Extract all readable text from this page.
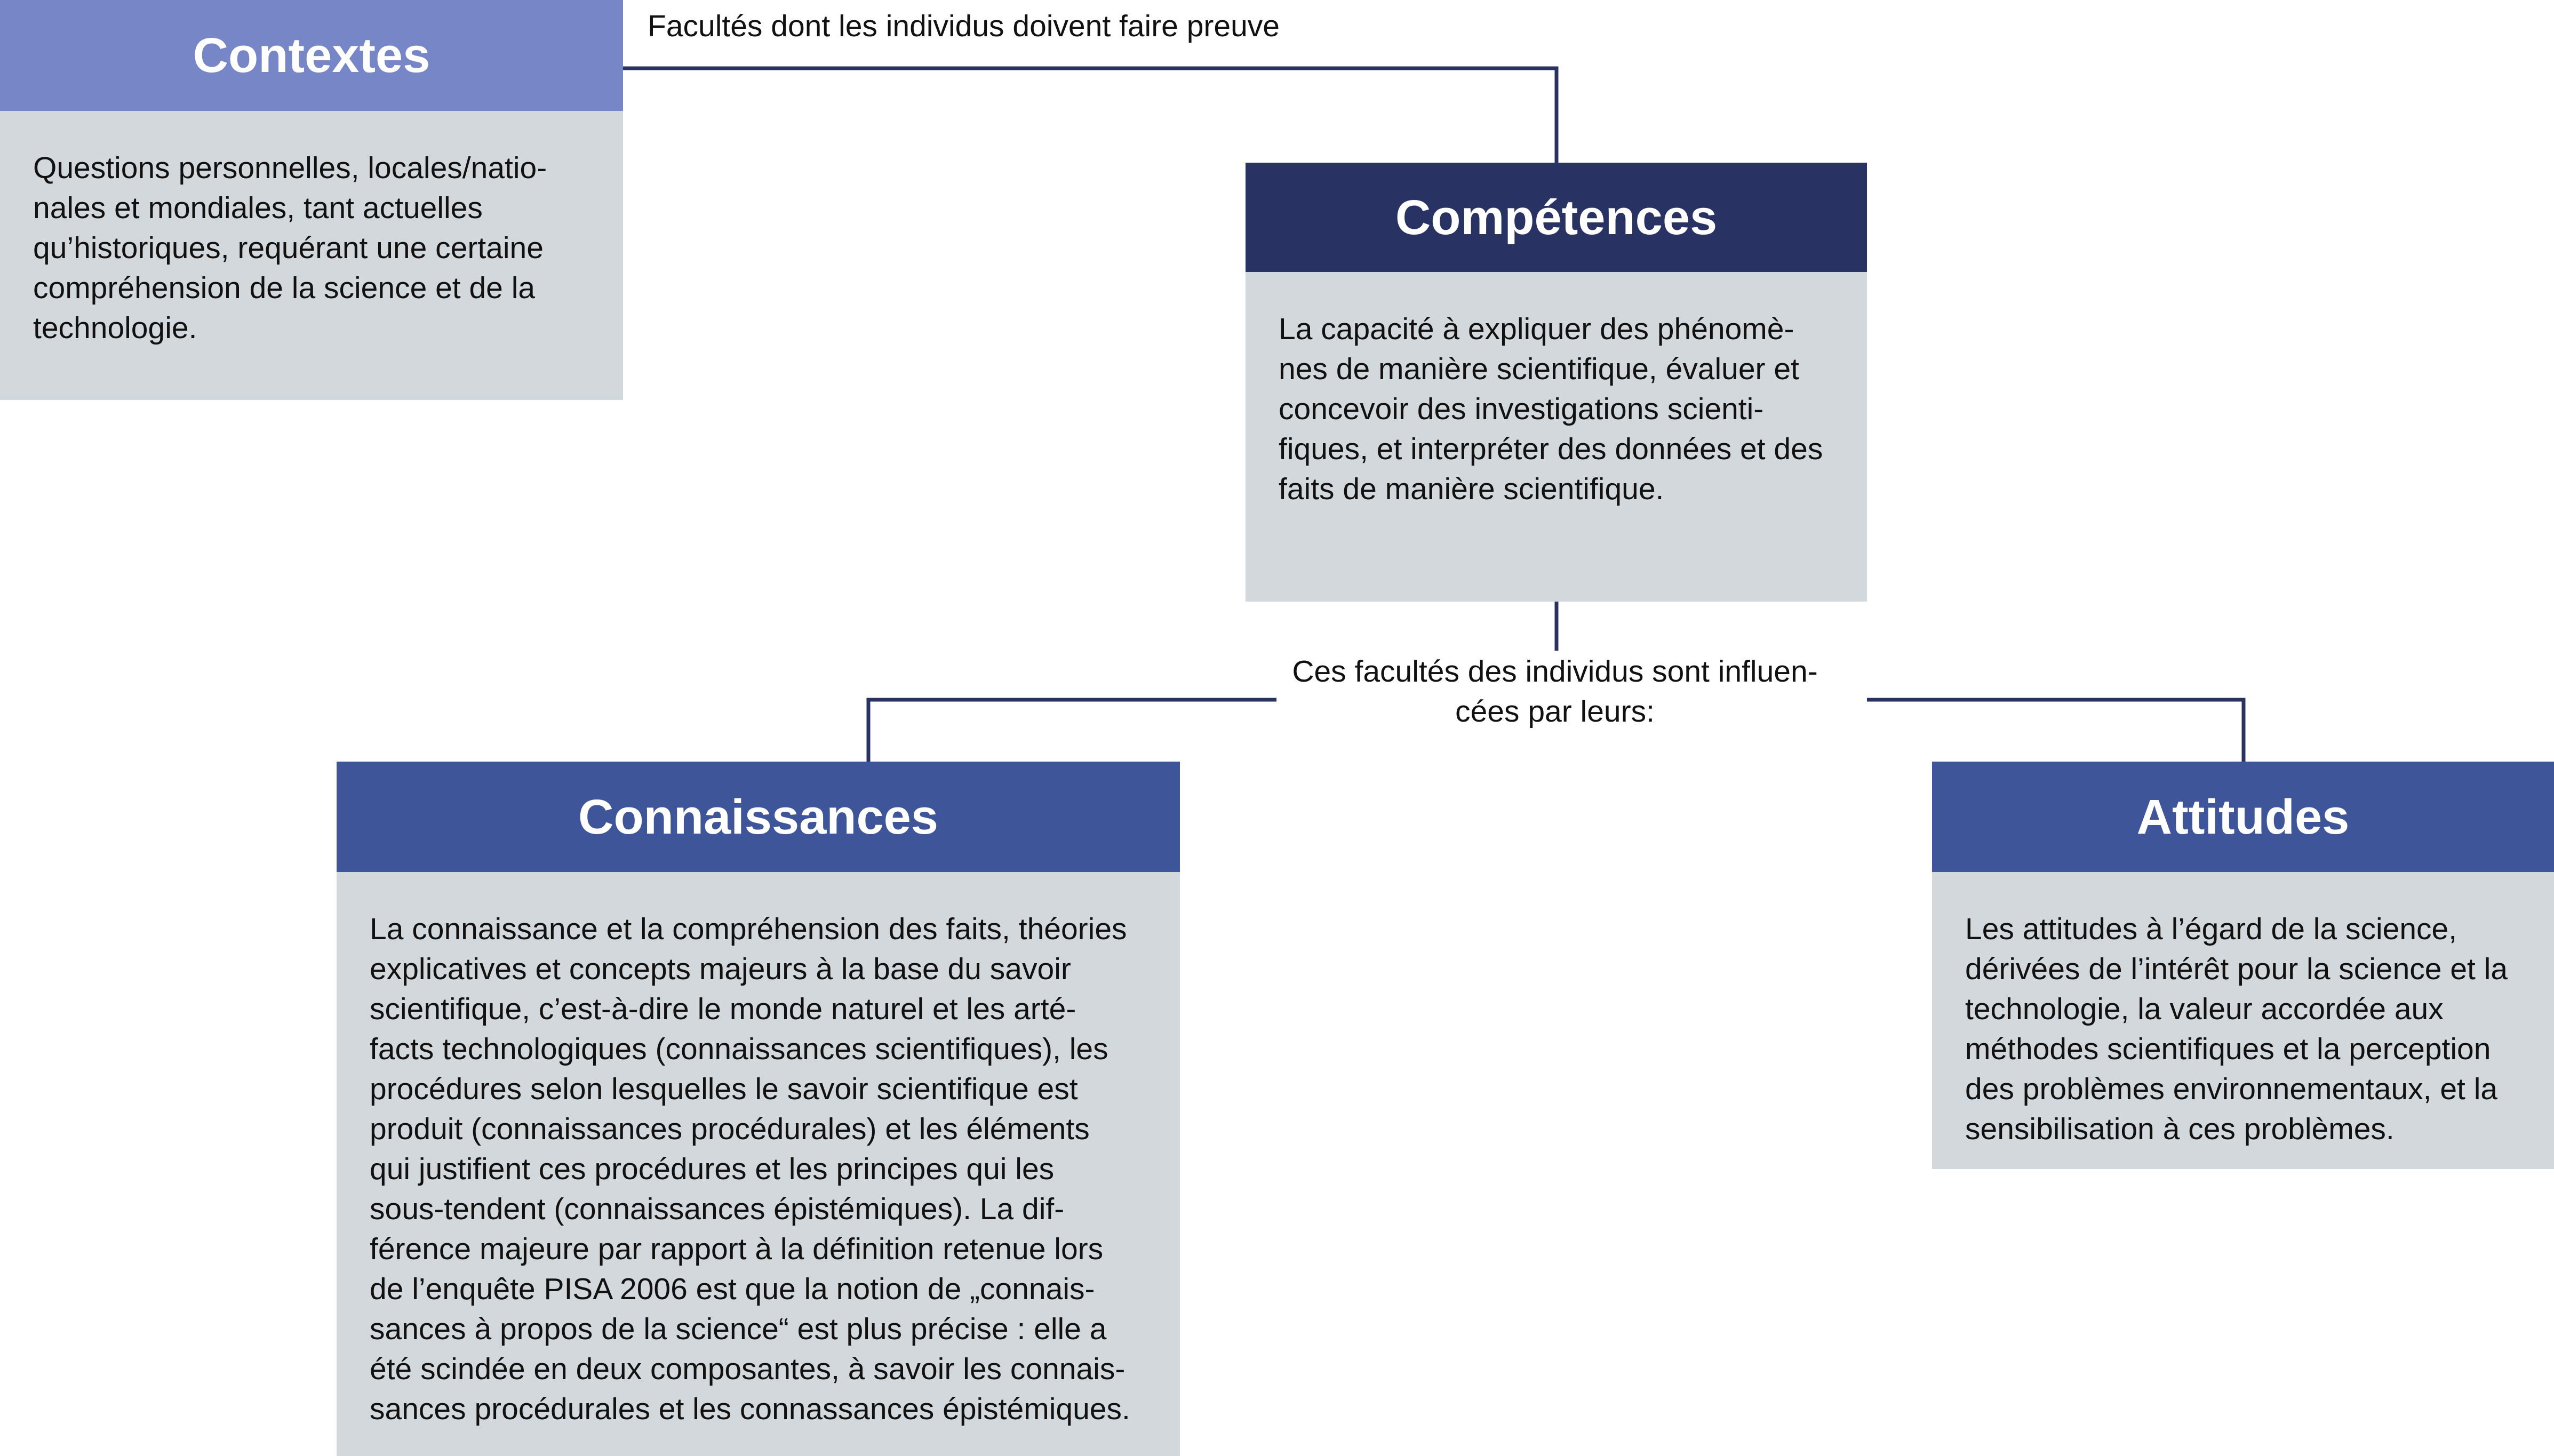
Facultés dont les individus doivent faire preuve
Ces facultés des individus sont influen-
cées par leurs:
Contextes
Questions personnelles, locales/natio-
nales et mondiales, tant actuelles
qu’historiques, requérant une certaine
compréhension de la science et de la
technologie.
Compétences
La capacité à expliquer des phénomè-
nes de manière scientifique, évaluer et
concevoir des investigations scienti-
fiques, et interpréter des données et des
faits de manière scientifique.
Connaissances
La connaissance et la compréhension des faits, théories
explicatives et concepts majeurs à la base du savoir
scientifique, c’est-à-dire le monde naturel et les arté-
facts technologiques (connaissances scientifiques), les
procédures selon lesquelles le savoir scientifique est
produit (connaissances procédurales) et les éléments
qui justifient ces procédures et les principes qui les
sous-tendent (connaissances épistémiques). La dif-
férence majeure par rapport à la définition retenue lors
de l’enquête PISA 2006 est que la notion de „connais-
sances à propos de la science“ est plus précise : elle a
été scindée en deux composantes, à savoir les connais-
sances procédurales et les connassances épistémiques.
Attitudes
Les attitudes à l’égard de la science,
dérivées de l’intérêt pour la science et la
technologie, la valeur accordée aux
méthodes scientifiques et la perception
des problèmes environnementaux, et la
sensibilisation à ces problèmes.
